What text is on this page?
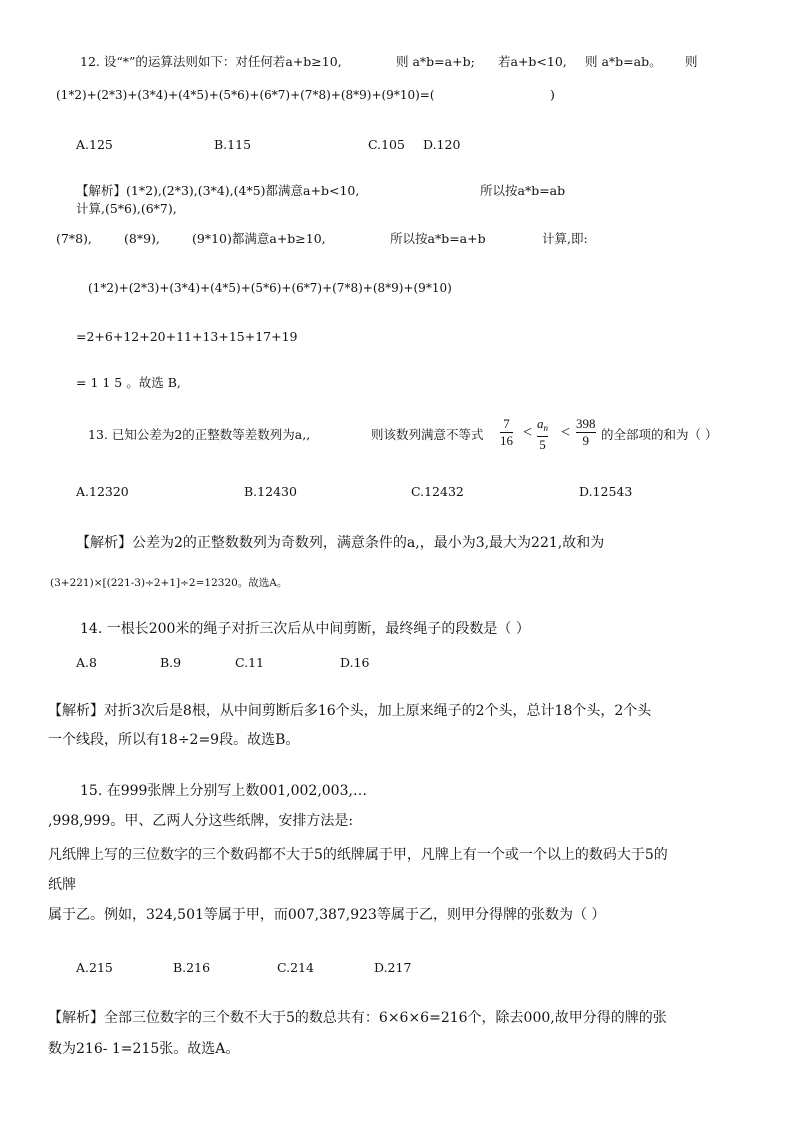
12. 设“*”的运算法则如下：对任何若a+b≥10,	则 a*b=a+b; 若a+b<10, 则 a*b=ab。 则
(1*2)+(2*3)+(3*4)+(4*5)+(5*6)+(6*7)+(7*8)+(8*9)+(9*10)=(	)
A.125	B.115	C.105 D.120
【解析】(1*2),(2*3),(3*4),(4*5)都满意a+b<10,	所以按a*b=ab
计算,(5*6),(6*7),
(7*8),	(8*9),	(9*10)都满意a+b≥10,	所以按a*b=a+b	计算,即:
(1*2)+(2*3)+(3*4)+(4*5)+(5*6)+(6*7)+(7*8)+(8*9)+(9*10)
=2+6+12+20+11+13+15+17+19
= 1 1 5 。故选 B,
13. 已知公差为2的正整数等差数列为a,,	则该数列满意不等式
7
16 <
$a_n$
5
<
398
9 的全部项的和为（ ）
A.12320	B.12430	C.12432	D.12543
【解析】公差为2的正整数数列为奇数列，满意条件的a,，最小为3,最大为221,故和为
(3+221)×[(221-3)÷2+1]÷2=12320。故选A。
14. 一根长200米的绳子对折三次后从中间剪断，最终绳子的段数是（ ）
A.8	B.9	C.11	D.16
【解析】对折3次后是8根，从中间剪断后多16个头，加上原来绳子的2个头，总计18个头，2个头
一个线段，所以有18÷2=9段。故选B。
15. 在999张牌上分别写上数001,002,003,…
,998,999。甲、乙两人分这些纸牌，安排方法是:
凡纸牌上写的三位数字的三个数码都不大于5的纸牌属于甲，凡牌上有一个或一个以上的数码大于5的
纸牌
属于乙。例如，324,501等属于甲，而007,387,923等属于乙，则甲分得牌的张数为（ ）
A.215	B.216	C.214	D.217
【解析】全部三位数字的三个数不大于5的数总共有：6×6×6=216个，除去000,故甲分得的牌的张
数为216- 1=215张。故选A。
